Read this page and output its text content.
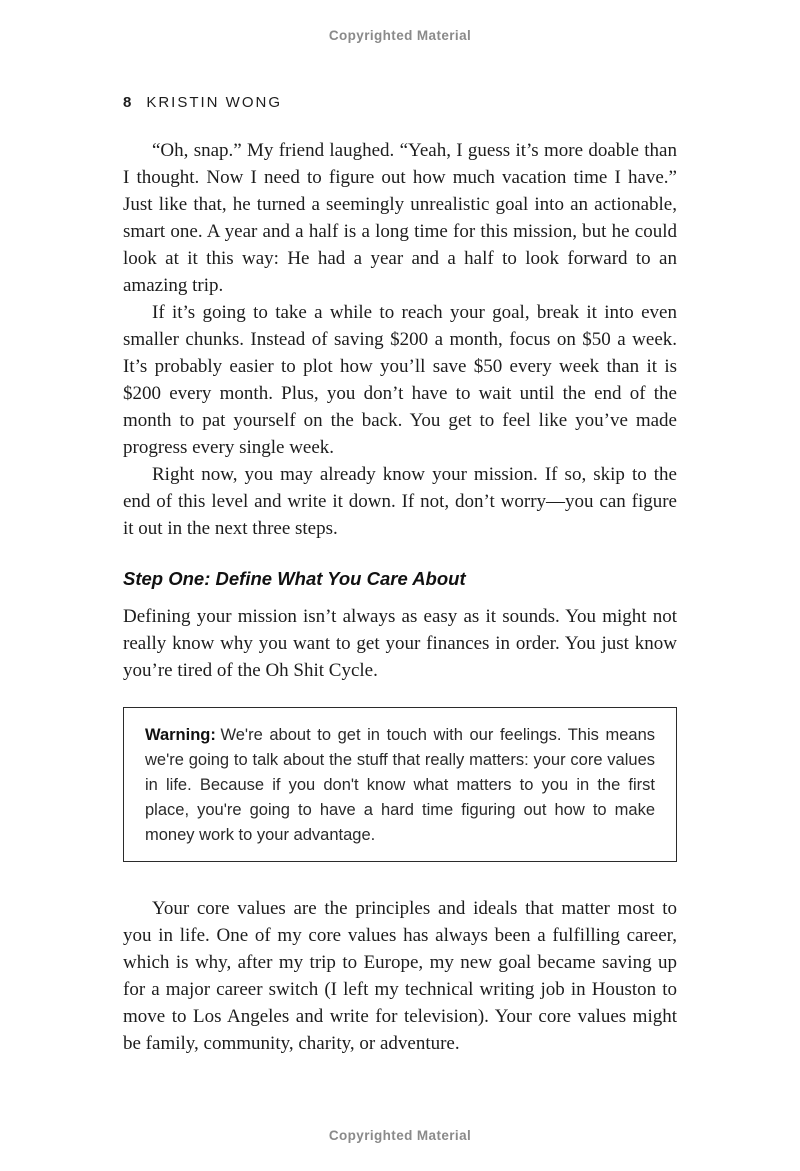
Copyrighted Material
8 KRISTIN WONG

“Oh, snap.” My friend laughed. “Yeah, I guess it’s more doable than I thought. Now I need to figure out how much vacation time I have.” Just like that, he turned a seemingly unrealistic goal into an actionable, smart one. A year and a half is a long time for this mission, but he could look at it this way: He had a year and a half to look forward to an amazing trip.

If it’s going to take a while to reach your goal, break it into even smaller chunks. Instead of saving $200 a month, focus on $50 a week. It’s probably easier to plot how you’ll save $50 every week than it is $200 every month. Plus, you don’t have to wait until the end of the month to pat yourself on the back. You get to feel like you’ve made progress every single week.

Right now, you may already know your mission. If so, skip to the end of this level and write it down. If not, don’t worry—you can figure it out in the next three steps.

Step One: Define What You Care About

Defining your mission isn’t always as easy as it sounds. You might not really know why you want to get your finances in order. You just know you’re tired of the Oh Shit Cycle.

Warning: We're about to get in touch with our feelings. This means we're going to talk about the stuff that really matters: your core values in life. Because if you don't know what matters to you in the first place, you're going to have a hard time figuring out how to make money work to your advantage.

Your core values are the principles and ideals that matter most to you in life. One of my core values has always been a fulfilling career, which is why, after my trip to Europe, my new goal became saving up for a major career switch (I left my technical writing job in Houston to move to Los Angeles and write for television). Your core values might be family, community, charity, or adventure.

Copyrighted Material
